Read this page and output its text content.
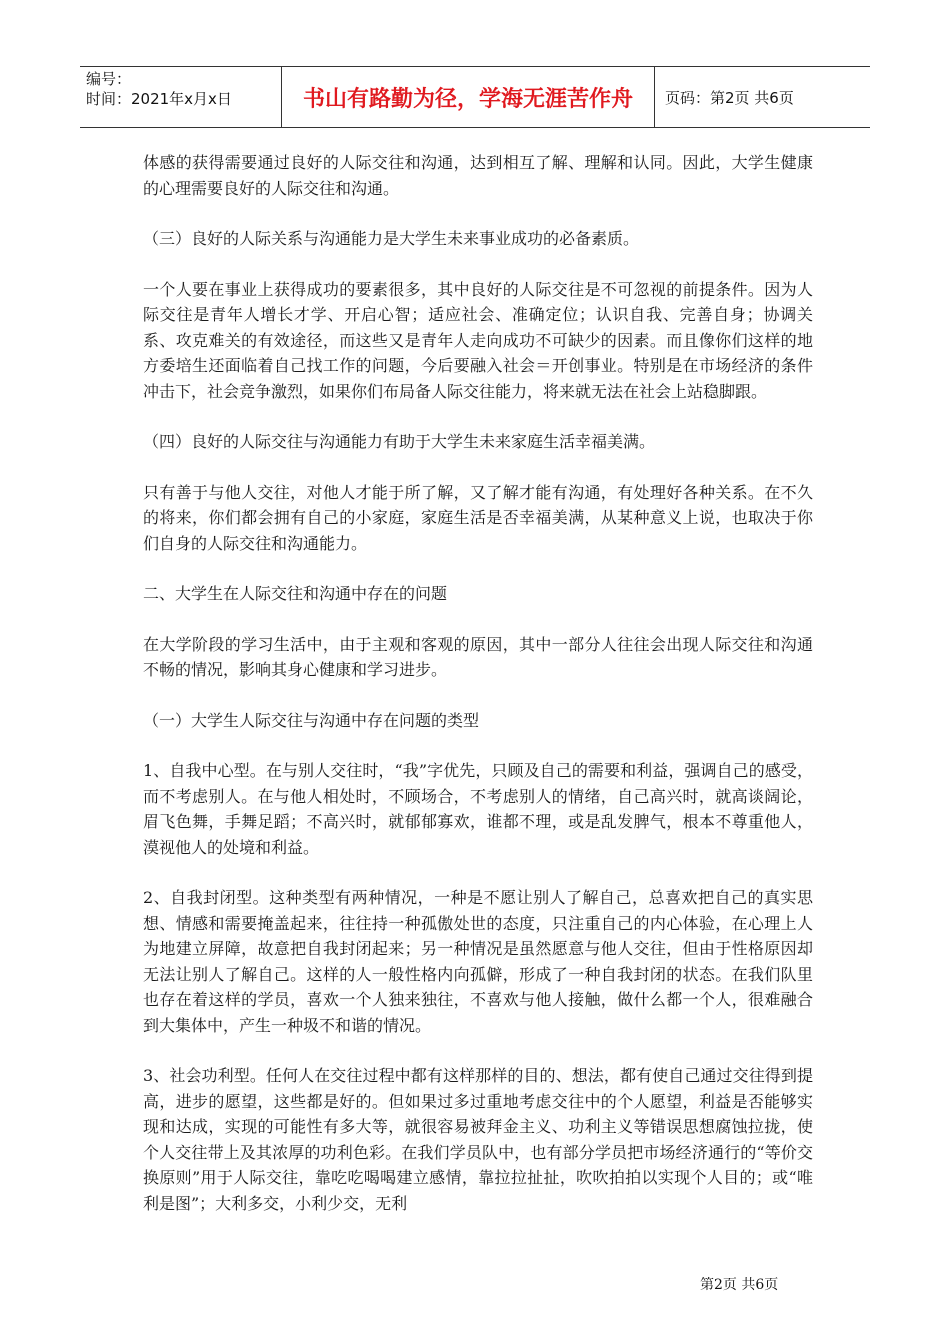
编号：
时间：2021年x月x日	书山有路勤为径，学海无涯苦作舟	页码：第2页 共6页

体感的获得需要通过良好的人际交往和沟通，达到相互了解、理解和认同。因此，大学生健康的心理需要良好的人际交往和沟通。

（三）良好的人际关系与沟通能力是大学生未来事业成功的必备素质。

一个人要在事业上获得成功的要素很多，其中良好的人际交往是不可忽视的前提条件。因为人际交往是青年人增长才学、开启心智；适应社会、准确定位；认识自我、完善自身；协调关系、攻克难关的有效途径，而这些又是青年人走向成功不可缺少的因素。而且像你们这样的地方委培生还面临着自己找工作的问题，今后要融入社会＝开创事业。特别是在市场经济的条件冲击下，社会竞争激烈，如果你们布局备人际交往能力，将来就无法在社会上站稳脚跟。

（四）良好的人际交往与沟通能力有助于大学生未来家庭生活幸福美满。

只有善于与他人交往，对他人才能于所了解，又了解才能有沟通，有处理好各种关系。在不久的将来，你们都会拥有自己的小家庭，家庭生活是否幸福美满，从某种意义上说，也取决于你们自身的人际交往和沟通能力。

二、大学生在人际交往和沟通中存在的问题

在大学阶段的学习生活中，由于主观和客观的原因，其中一部分人往往会出现人际交往和沟通不畅的情况，影响其身心健康和学习进步。

（一）大学生人际交往与沟通中存在问题的类型

1、自我中心型。在与别人交往时，“我”字优先，只顾及自己的需要和利益，强调自己的感受，而不考虑别人。在与他人相处时，不顾场合，不考虑别人的情绪，自己高兴时，就高谈阔论，眉飞色舞，手舞足蹈；不高兴时，就郁郁寡欢，谁都不理，或是乱发脾气，根本不尊重他人，漠视他人的处境和利益。

2、自我封闭型。这种类型有两种情况，一种是不愿让别人了解自己，总喜欢把自己的真实思想、情感和需要掩盖起来，往往持一种孤傲处世的态度，只注重自己的内心体验，在心理上人为地建立屏障，故意把自我封闭起来；另一种情况是虽然愿意与他人交往，但由于性格原因却无法让别人了解自己。这样的人一般性格内向孤僻，形成了一种自我封闭的状态。在我们队里也存在着这样的学员，喜欢一个人独来独往，不喜欢与他人接触，做什么都一个人，很难融合到大集体中，产生一种圾不和谐的情况。

3、社会功利型。任何人在交往过程中都有这样那样的目的、想法，都有使自己通过交往得到提高，进步的愿望，这些都是好的。但如果过多过重地考虑交往中的个人愿望，利益是否能够实现和达成，实现的可能性有多大等，就很容易被拜金主义、功利主义等错误思想腐蚀拉拢，使个人交往带上及其浓厚的功利色彩。在我们学员队中，也有部分学员把市场经济通行的“等价交换原则”用于人际交往，靠吃吃喝喝建立感情，靠拉拉扯扯，吹吹拍拍以实现个人目的；或“唯利是图”；大利多交，小利少交，无利

第2页 共6页
